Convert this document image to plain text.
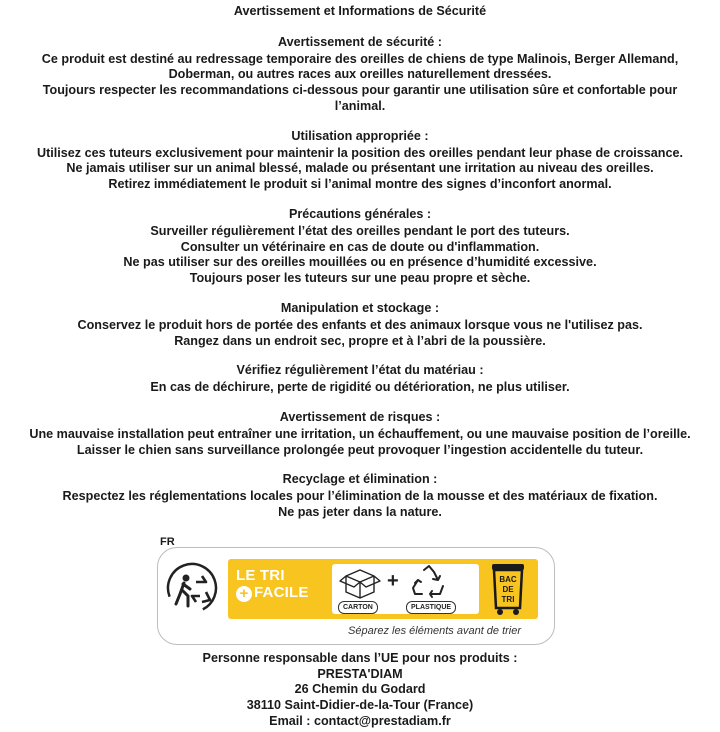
Avertissement et Informations de Sécurité

Avertissement de sécurité :

Ce produit est destiné au redressage temporaire des oreilles de chiens de type Malinois, Berger Allemand,

Doberman, ou autres races aux oreilles naturellement dressées.

Toujours respecter les recommandations ci-dessous pour garantir une utilisation sûre et confortable pour

l’animal.

Utilisation appropriée :

Utilisez ces tuteurs exclusivement pour maintenir la position des oreilles pendant leur phase de croissance.

Ne jamais utiliser sur un animal blessé, malade ou présentant une irritation au niveau des oreilles.

Retirez immédiatement le produit si l’animal montre des signes d’inconfort anormal.

Précautions générales :

Surveiller régulièrement l’état des oreilles pendant le port des tuteurs.

Consulter un vétérinaire en cas de doute ou d'inflammation.

Ne pas utiliser sur des oreilles mouillées ou en présence d’humidité excessive.

Toujours poser les tuteurs sur une peau propre et sèche.

Manipulation et stockage :

Conservez le produit hors de portée des enfants et des animaux lorsque vous ne l'utilisez pas.

Rangez dans un endroit sec, propre et à l’abri de la poussière.

Vérifiez régulièrement l’état du matériau :

En cas de déchirure, perte de rigidité ou détérioration, ne plus utiliser.

Avertissement de risques :

Une mauvaise installation peut entraîner une irritation, un échauffement, ou une mauvaise position de l’oreille.

Laisser le chien sans surveillance prolongée peut provoquer l’ingestion accidentelle du tuteur.

Recyclage et élimination :

Respectez les réglementations locales pour l’élimination de la mousse et des matériaux de fixation.

Ne pas jeter dans la nature.

FR
LE TRI
+ FACILE
+
CARTON	PLASTIQUE
BAC
DE
TRI
Séparez les éléments avant de trier

Personne responsable dans l’UE pour nos produits :

PRESTA'DIAM

26 Chemin du Godard

38110 Saint-Didier-de-la-Tour (France)

Email : contact@prestadiam.fr
